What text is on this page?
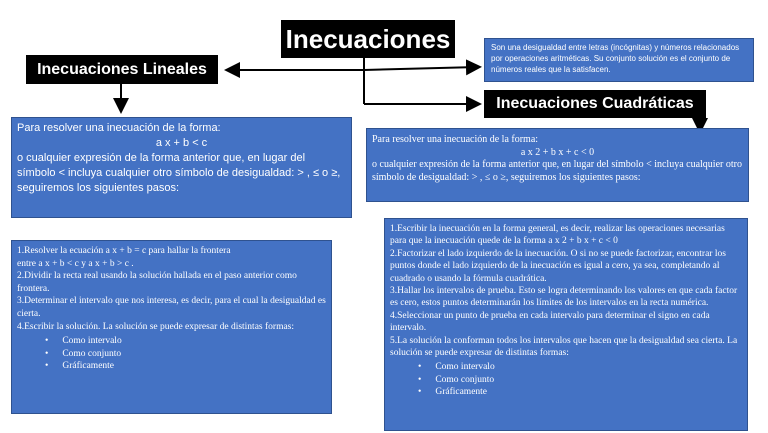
Inecuaciones
Inecuaciones Lineales
Inecuaciones Cuadráticas

Son una desigualdad entre letras (incógnitas) y números relacionados por operaciones aritméticas. Su conjunto solución es el conjunto de números reales que la satisfacen.

Para resolver una inecuación de la forma:

a x + b < c

o cualquier expresión de la forma anterior que, en lugar del símbolo < incluya cualquier otro símbolo de desigualdad: > , ≤ o ≥, seguiremos los siguientes pasos:

Para resolver una inecuación de la forma:

a x 2 + b x + c < 0

o cualquier expresión de la forma anterior que, en lugar del símbolo < incluya cualquier otro símbolo de desigualdad: > , ≤ o ≥, seguiremos los siguientes pasos:

1.Resolver la ecuación a x + b = c para hallar la frontera

entre a x + b < c y a x + b > c .

2.Dividir la recta real usando la solución hallada en el paso anterior como frontera.

3.Determinar el intervalo que nos interesa, es decir, para el cual la desigualdad es cierta.

4.Escribir la solución. La solución se puede expresar de distintas formas:

• Como intervalo
• Como conjunto
• Gráficamente

1.Escribir la inecuación en la forma general, es decir, realizar las operaciones necesarias para que la inecuación quede de la forma a x 2 + b x + c < 0

2.Factorizar el lado izquierdo de la inecuación. O si no se puede factorizar, encontrar los puntos donde el lado izquierdo de la inecuación es igual a cero, ya sea, completando al cuadrado o usando la fórmula cuadrática.

3.Hallar los intervalos de prueba. Esto se logra determinando los valores en que cada factor es cero, estos puntos determinarán los límites de los intervalos en la recta numérica.

4.Seleccionar un punto de prueba en cada intervalo para determinar el signo en cada intervalo.

5.La solución la conforman todos los intervalos que hacen que la desigualdad sea cierta. La solución se puede expresar de distintas formas:

• Como intervalo
• Como conjunto
• Gráficamente
